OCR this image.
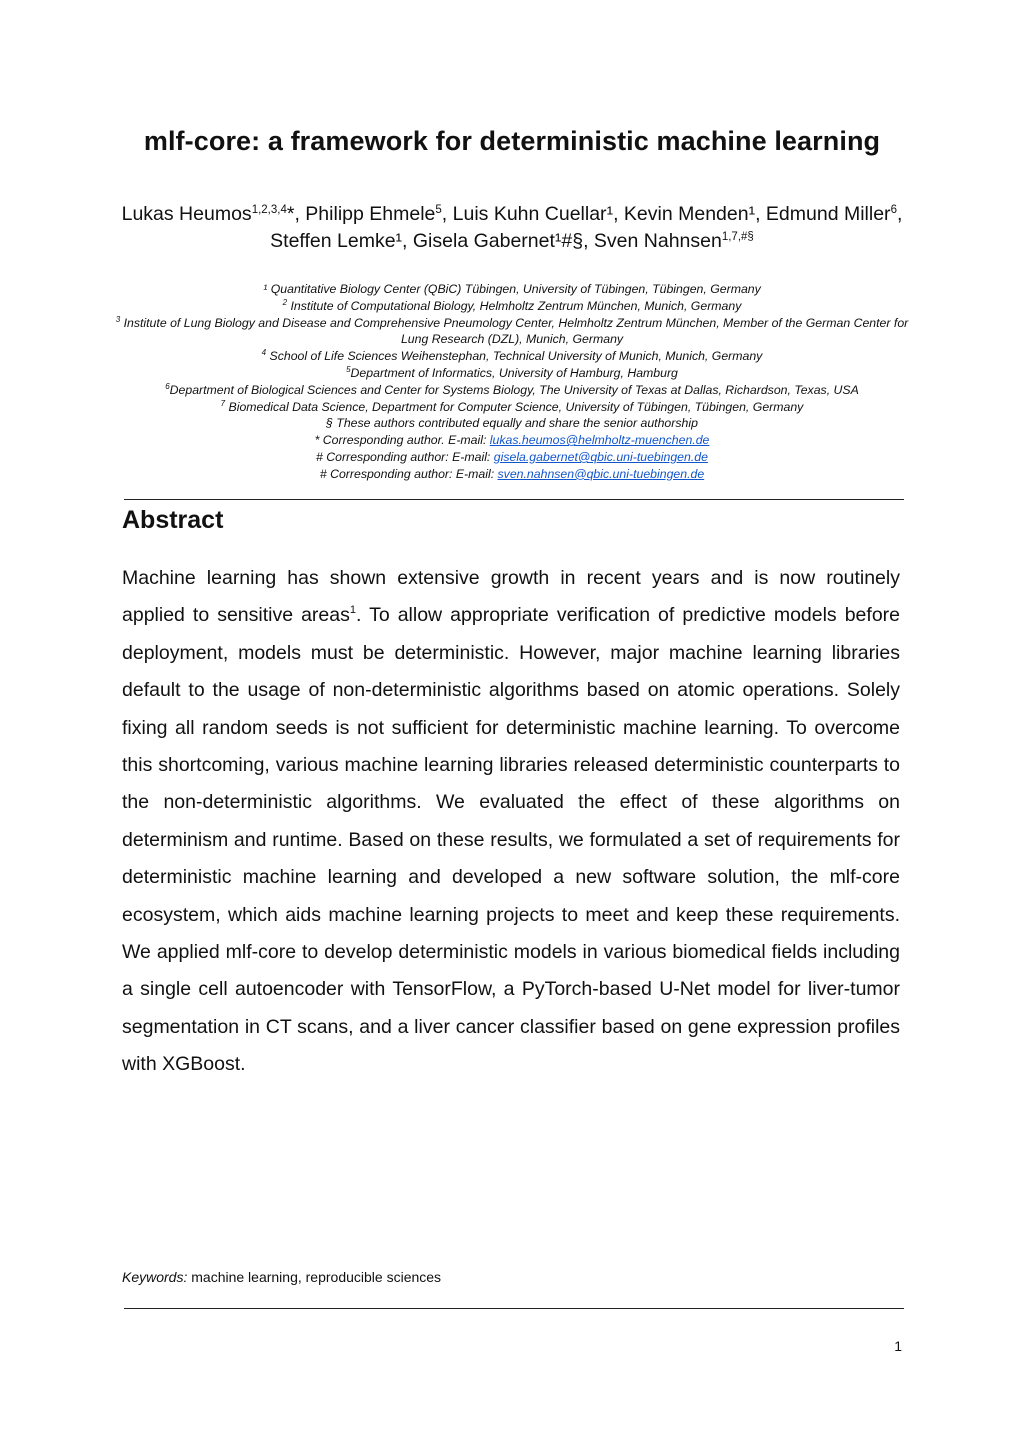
mlf-core: a framework for deterministic machine learning
Lukas Heumos$^{1,2,3,4}$*, Philipp Ehmele$^5$, Luis Kuhn Cuellar¹, Kevin Menden¹, Edmund Miller$^6$, Steffen Lemke¹, Gisela Gabernet¹#§, Sven Nahnsen$^{1,7,\#\S}$
¹ Quantitative Biology Center (QBiC) Tübingen, University of Tübingen, Tübingen, Germany
$^2$ Institute of Computational Biology, Helmholtz Zentrum München, Munich, Germany
$^3$ Institute of Lung Biology and Disease and Comprehensive Pneumology Center, Helmholtz Zentrum München, Member of the German Center for Lung Research (DZL), Munich, Germany
$^4$ School of Life Sciences Weihenstephan, Technical University of Munich, Munich, Germany
$^5$Department of Informatics, University of Hamburg, Hamburg
$^6$Department of Biological Sciences and Center for Systems Biology, The University of Texas at Dallas, Richardson, Texas, USA
$^7$ Biomedical Data Science, Department for Computer Science, University of Tübingen, Tübingen, Germany
§ These authors contributed equally and share the senior authorship
* Corresponding author. E-mail: lukas.heumos@helmholtz-muenchen.de
# Corresponding author: E-mail: gisela.gabernet@qbic.uni-tuebingen.de
# Corresponding author: E-mail: sven.nahnsen@qbic.uni-tuebingen.de
Abstract
Machine learning has shown extensive growth in recent years and is now routinely applied to sensitive areas$^1$. To allow appropriate verification of predictive models before deployment, models must be deterministic. However, major machine learning libraries default to the usage of non-deterministic algorithms based on atomic operations. Solely fixing all random seeds is not sufficient for deterministic machine learning. To overcome this shortcoming, various machine learning libraries released deterministic counterparts to the non-deterministic algorithms. We evaluated the effect of these algorithms on determinism and runtime. Based on these results, we formulated a set of requirements for deterministic machine learning and developed a new software solution, the mlf-core ecosystem, which aids machine learning projects to meet and keep these requirements. We applied mlf-core to develop deterministic models in various biomedical fields including a single cell autoencoder with TensorFlow, a PyTorch-based U-Net model for liver-tumor segmentation in CT scans, and a liver cancer classifier based on gene expression profiles with XGBoost.
Keywords: machine learning, reproducible sciences
1
